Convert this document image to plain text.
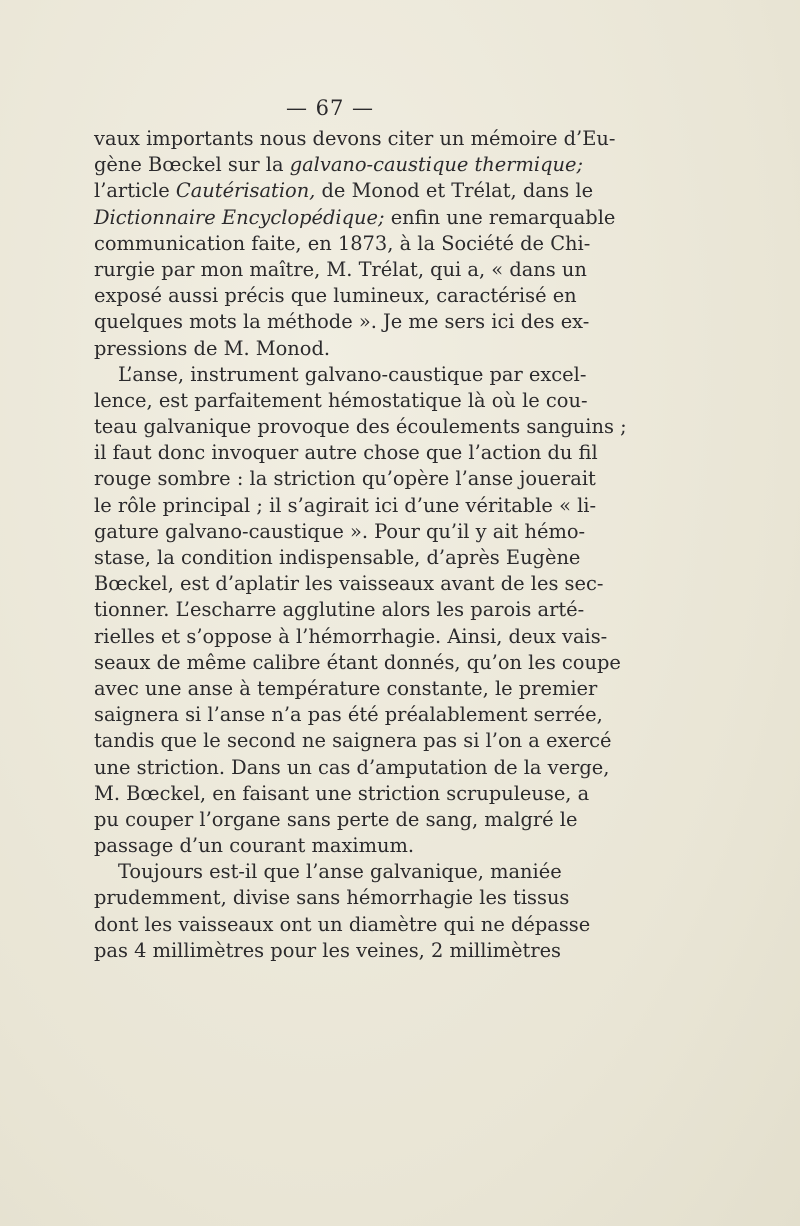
— 67 —
vaux importants nous devons citer un mémoire d’Eu-
gène Bœckel sur la galvano-caustique thermique;
l’article Cautérisation, de Monod et Trélat, dans le
Dictionnaire Encyclopédique; enfin une remarquable
communication faite, en 1873, à la Société de Chi-
rurgie par mon maître, M. Trélat, qui a, « dans un
exposé aussi précis que lumineux, caractérisé en
quelques mots la méthode ». Je me sers ici des ex-
pressions de M. Monod.
L’anse, instrument galvano-caustique par excel-
lence, est parfaitement hémostatique là où le cou-
teau galvanique provoque des écoulements sanguins ;
il faut donc invoquer autre chose que l’action du fil
rouge sombre : la striction qu’opère l’anse jouerait
le rôle principal ; il s’agirait ici d’une véritable « li-
gature galvano-caustique ». Pour qu’il y ait hémo-
stase, la condition indispensable, d’après Eugène
Bœckel, est d’aplatir les vaisseaux avant de les sec-
tionner. L’escharre agglutine alors les parois arté-
rielles et s’oppose à l’hémorrhagie. Ainsi, deux vais-
seaux de même calibre étant donnés, qu’on les coupe
avec une anse à température constante, le premier
saignera si l’anse n’a pas été préalablement serrée,
tandis que le second ne saignera pas si l’on a exercé
une striction. Dans un cas d’amputation de la verge,
M. Bœckel, en faisant une striction scrupuleuse, a
pu couper l’organe sans perte de sang, malgré le
passage d’un courant maximum.
Toujours est-il que l’anse galvanique, maniée
prudemment, divise sans hémorrhagie les tissus
dont les vaisseaux ont un diamètre qui ne dépasse
pas 4 millimètres pour les veines, 2 millimètres
